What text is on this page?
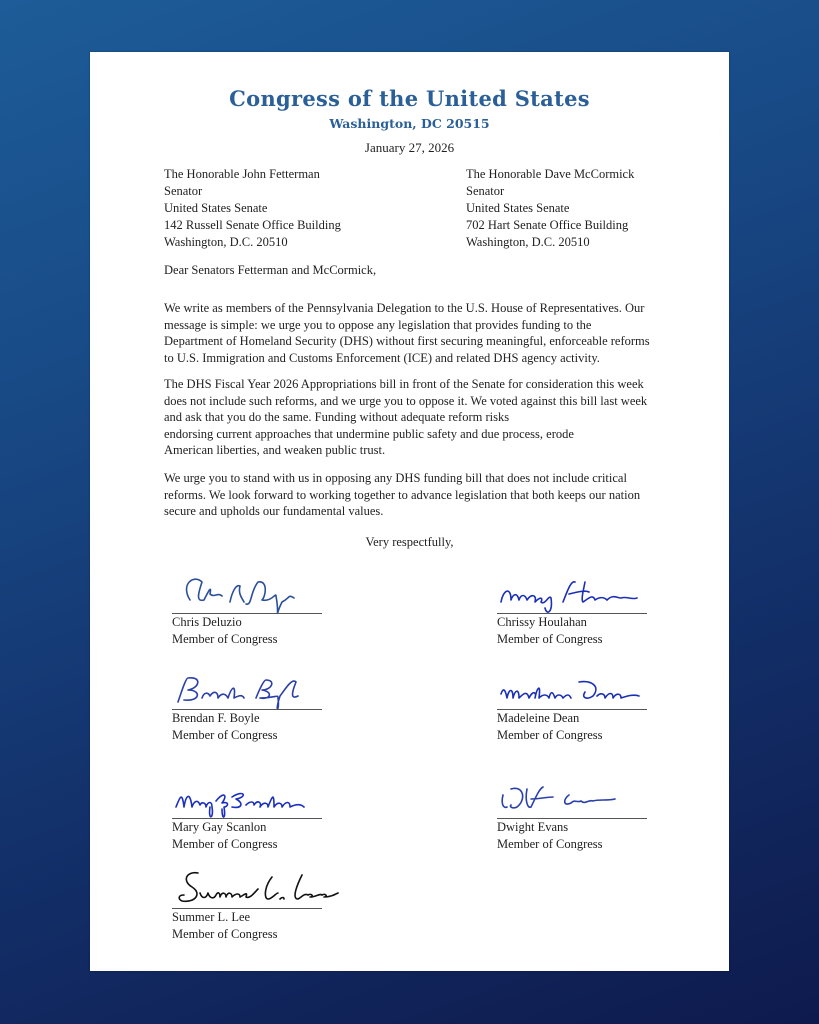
Congress of the United States
Washington, DC 20515
January 27, 2026
The Honorable John Fetterman
Senator
United States Senate
142 Russell Senate Office Building
Washington, D.C. 20510
The Honorable Dave McCormick
Senator
United States Senate
702 Hart Senate Office Building
Washington, D.C. 20510
Dear Senators Fetterman and McCormick,
We write as members of the Pennsylvania Delegation to the U.S. House of Representatives. Our
message is simple: we urge you to oppose any legislation that provides funding to the
Department of Homeland Security (DHS) without first securing meaningful, enforceable reforms
to U.S. Immigration and Customs Enforcement (ICE) and related DHS agency activity.
The DHS Fiscal Year 2026 Appropriations bill in front of the Senate for consideration this week
does not include such reforms, and we urge you to oppose it. We voted against this bill last week
and ask that you do the same. Funding without adequate reform risks
endorsing current approaches that undermine public safety and due process, erode
American liberties, and weaken public trust.
We urge you to stand with us in opposing any DHS funding bill that does not include critical
reforms. We look forward to working together to advance legislation that both keeps our nation
secure and upholds our fundamental values.
Very respectfully,
Chris Deluzio
Member of Congress
Chrissy Houlahan
Member of Congress
Brendan F. Boyle
Member of Congress
Madeleine Dean
Member of Congress
Mary Gay Scanlon
Member of Congress
Dwight Evans
Member of Congress
Summer L. Lee
Member of Congress
